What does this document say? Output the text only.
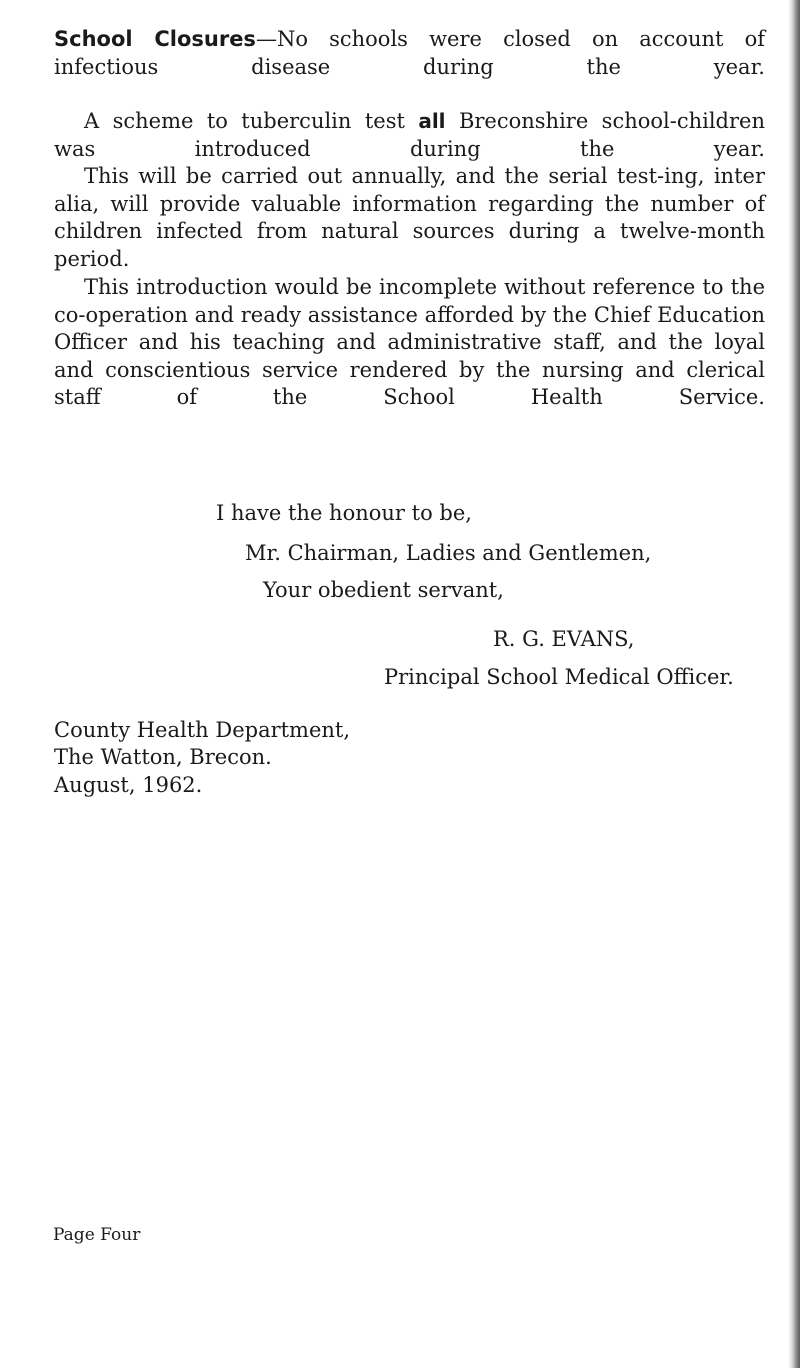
School Closures—No schools were closed on account of infectious disease during the year.

A scheme to tuberculin test all Breconshire school-children was introduced during the year.

This will be carried out annually, and the serial test-ing, inter alia, will provide valuable information regarding the number of children infected from natural sources during a twelve-month period.

This introduction would be incomplete without reference to the co-operation and ready assistance afforded by the Chief Education Officer and his teaching and administrative staff, and the loyal and conscientious service rendered by the nursing and clerical staff of the School Health Service.

I have the honour to be,

Mr. Chairman, Ladies and Gentlemen,

Your obedient servant,

R. G. EVANS,

Principal School Medical Officer.

County Health Department,

The Watton, Brecon.

August, 1962.

Page Four
